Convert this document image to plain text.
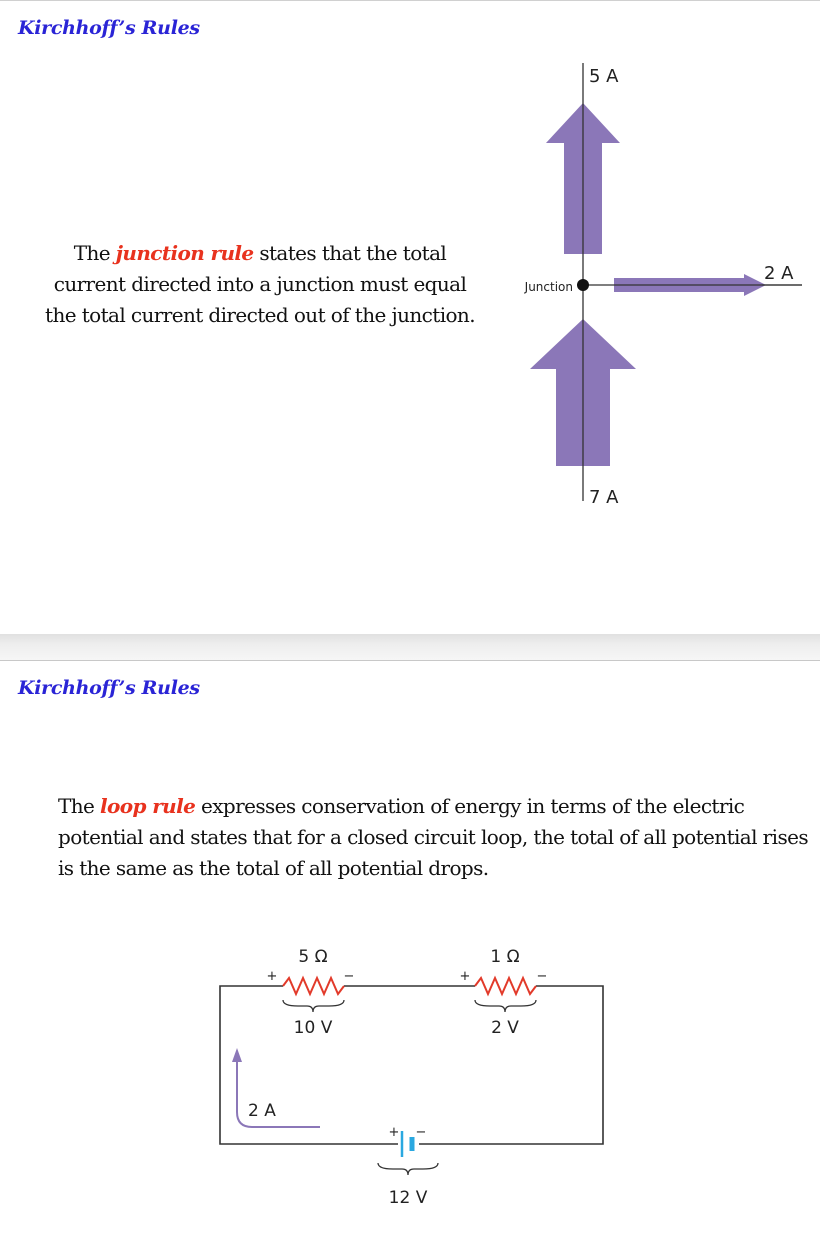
Kirchhoff’s Rules

The junction rule states that the total current directed into a junction must equal the total current directed out of the junction.

Junction
5 A
2 A
7 A
Kirchhoff’s Rules

The loop rule expresses conservation of energy in terms of the electric potential and states that for a closed circuit loop, the total of all potential rises is the same as the total of all potential drops.

5 Ω	1 Ω
10 V	2 V
2 A
12 V
+	−	+	−
+ −
